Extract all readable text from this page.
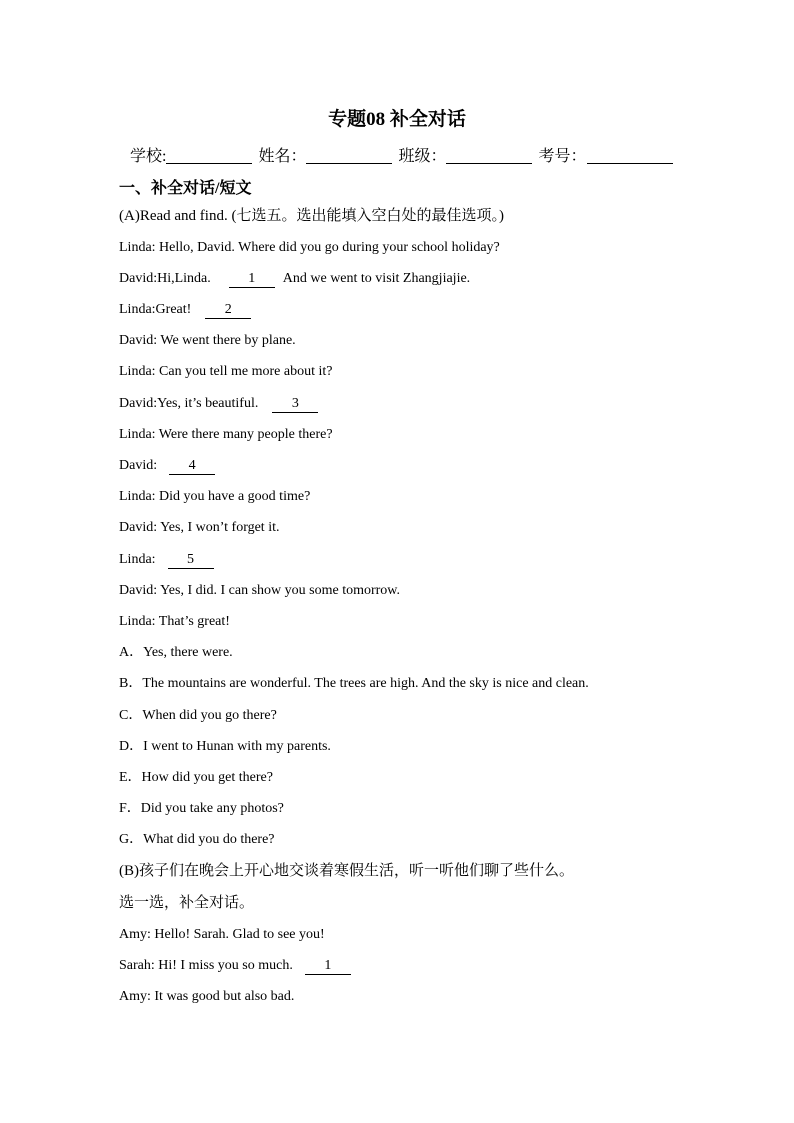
专题08 补全对话
学校:	姓名：	班级：	考号：
一、补全对话/短文
(A)Read and find. (七选五。选出能填入空白处的最佳选项。)
Linda: Hello, David. Where did you go during your school holiday?
David:Hi,Linda.	1 And we went to visit Zhangjiajie.
Linda:Great! 2
David: We went there by plane.
Linda: Can you tell me more about it?
David:Yes, it’s beautiful. 3
Linda: Were there many people there?
David: 4
Linda: Did you have a good time?
David: Yes, I won’t forget it.
Linda: 5
David: Yes, I did. I can show you some tomorrow.
Linda: That’s great!
A．Yes, there were.
B．The mountains are wonderful. The trees are high. And the sky is nice and clean.
C．When did you go there?
D．I went to Hunan with my parents.
E．How did you get there?
F．Did you take any photos?
G．What did you do there?
(B)孩子们在晚会上开心地交谈着寒假生活，听一听他们聊了些什么。
选一选，补全对话。
Amy: Hello! Sarah. Glad to see you!
Sarah: Hi! I miss you so much. 1
Amy: It was good but also bad.
